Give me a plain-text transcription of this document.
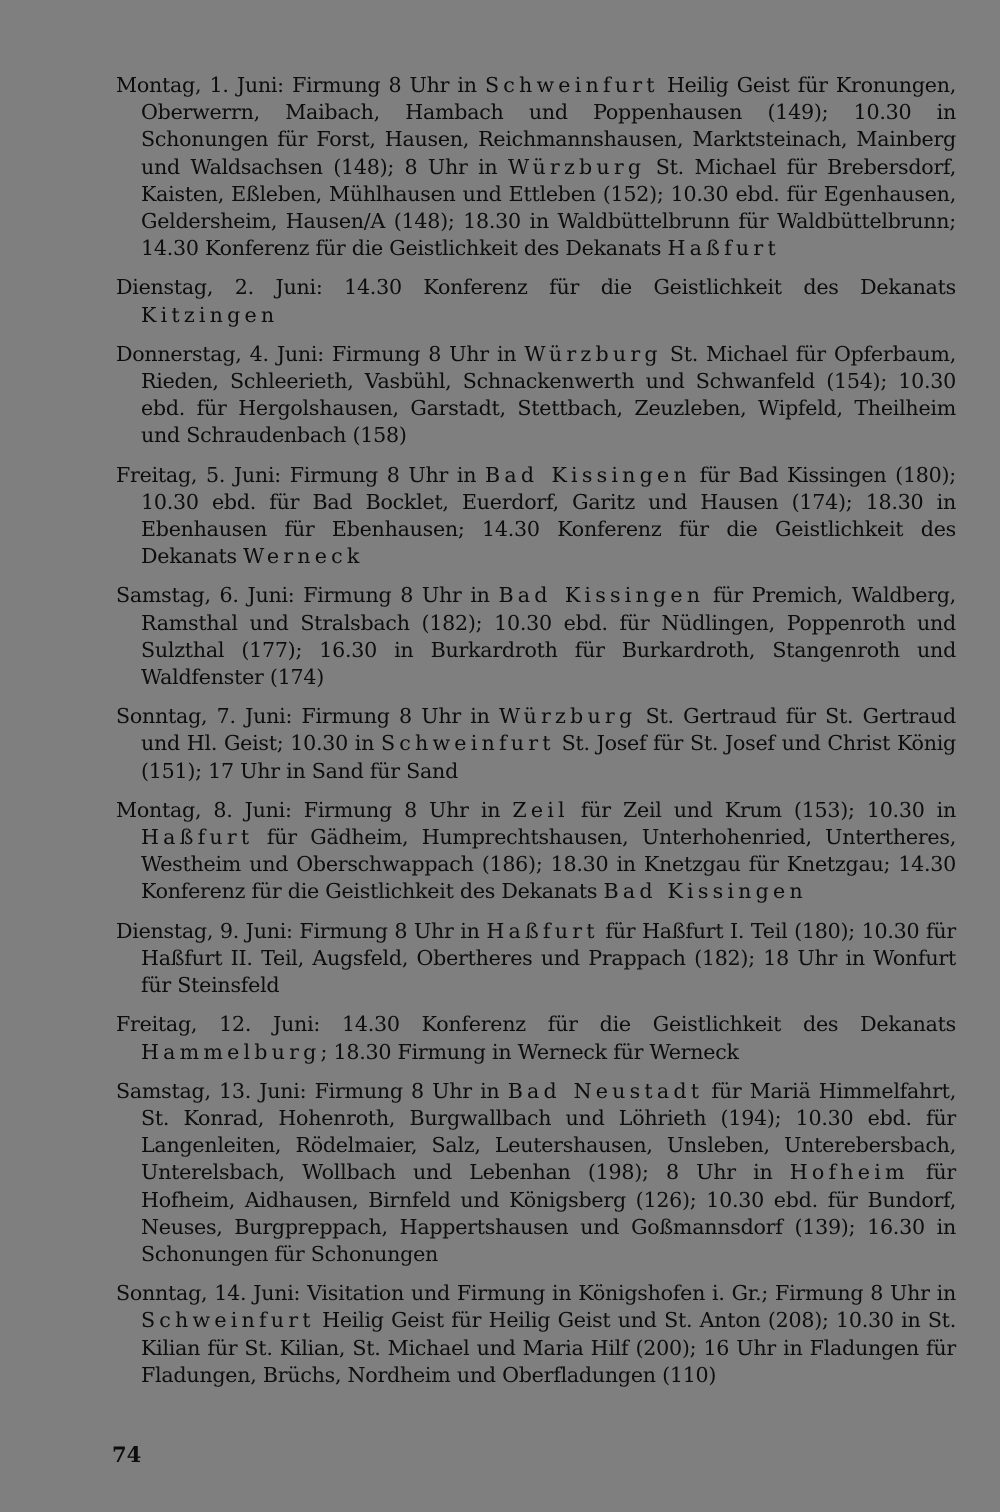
Montag, 1. Juni: Firmung 8 Uhr in Schweinfurt Heilig Geist für Kronungen, Oberwerrn, Maibach, Hambach und Poppenhausen (149); 10.30 in Schonungen für Forst, Hausen, Reichmannshausen, Marktsteinach, Mainberg und Waldsachsen (148); 8 Uhr in Würzburg St. Michael für Brebersdorf, Kaisten, Eßleben, Mühlhausen und Ettleben (152); 10.30 ebd. für Egenhausen, Geldersheim, Hausen/A (148); 18.30 in Waldbüttelbrunn für Waldbüttelbrunn; 14.30 Konferenz für die Geistlichkeit des Dekanats Haßfurt

Dienstag, 2. Juni: 14.30 Konferenz für die Geistlichkeit des Dekanats Kitzingen

Donnerstag, 4. Juni: Firmung 8 Uhr in Würzburg St. Michael für Opferbaum, Rieden, Schleerieth, Vasbühl, Schnackenwerth und Schwanfeld (154); 10.30 ebd. für Hergolshausen, Garstadt, Stettbach, Zeuzleben, Wipfeld, Theilheim und Schraudenbach (158)

Freitag, 5. Juni: Firmung 8 Uhr in Bad Kissingen für Bad Kissingen (180); 10.30 ebd. für Bad Bocklet, Euerdorf, Garitz und Hausen (174); 18.30 in Ebenhausen für Ebenhausen; 14.30 Konferenz für die Geistlichkeit des Dekanats Werneck

Samstag, 6. Juni: Firmung 8 Uhr in Bad Kissingen für Premich, Waldberg, Ramsthal und Stralsbach (182); 10.30 ebd. für Nüdlingen, Poppenroth und Sulzthal (177); 16.30 in Burkardroth für Burkardroth, Stangenroth und Waldfenster (174)

Sonntag, 7. Juni: Firmung 8 Uhr in Würzburg St. Gertraud für St. Gertraud und Hl. Geist; 10.30 in Schweinfurt St. Josef für St. Josef und Christ König (151); 17 Uhr in Sand für Sand

Montag, 8. Juni: Firmung 8 Uhr in Zeil für Zeil und Krum (153); 10.30 in Haßfurt für Gädheim, Humprechtshausen, Unterhohenried, Untertheres, Westheim und Oberschwappach (186); 18.30 in Knetzgau für Knetzgau; 14.30 Konferenz für die Geistlichkeit des Dekanats Bad Kissingen

Dienstag, 9. Juni: Firmung 8 Uhr in Haßfurt für Haßfurt I. Teil (180); 10.30 für Haßfurt II. Teil, Augsfeld, Obertheres und Prappach (182); 18 Uhr in Wonfurt für Steinsfeld

Freitag, 12. Juni: 14.30 Konferenz für die Geistlichkeit des Dekanats Hammelburg; 18.30 Firmung in Werneck für Werneck

Samstag, 13. Juni: Firmung 8 Uhr in Bad Neustadt für Mariä Himmelfahrt, St. Konrad, Hohenroth, Burgwallbach und Löhrieth (194); 10.30 ebd. für Langenleiten, Rödelmaier, Salz, Leutershausen, Unsleben, Unterebersbach, Unterelsbach, Wollbach und Lebenhan (198); 8 Uhr in Hofheim für Hofheim, Aidhausen, Birnfeld und Königsberg (126); 10.30 ebd. für Bundorf, Neuses, Burgpreppach, Happertshausen und Goßmannsdorf (139); 16.30 in Schonungen für Schonungen

Sonntag, 14. Juni: Visitation und Firmung in Königshofen i. Gr.; Firmung 8 Uhr in Schweinfurt Heilig Geist für Heilig Geist und St. Anton (208); 10.30 in St. Kilian für St. Kilian, St. Michael und Maria Hilf (200); 16 Uhr in Fladungen für Fladungen, Brüchs, Nordheim und Oberfladungen (110)

74
